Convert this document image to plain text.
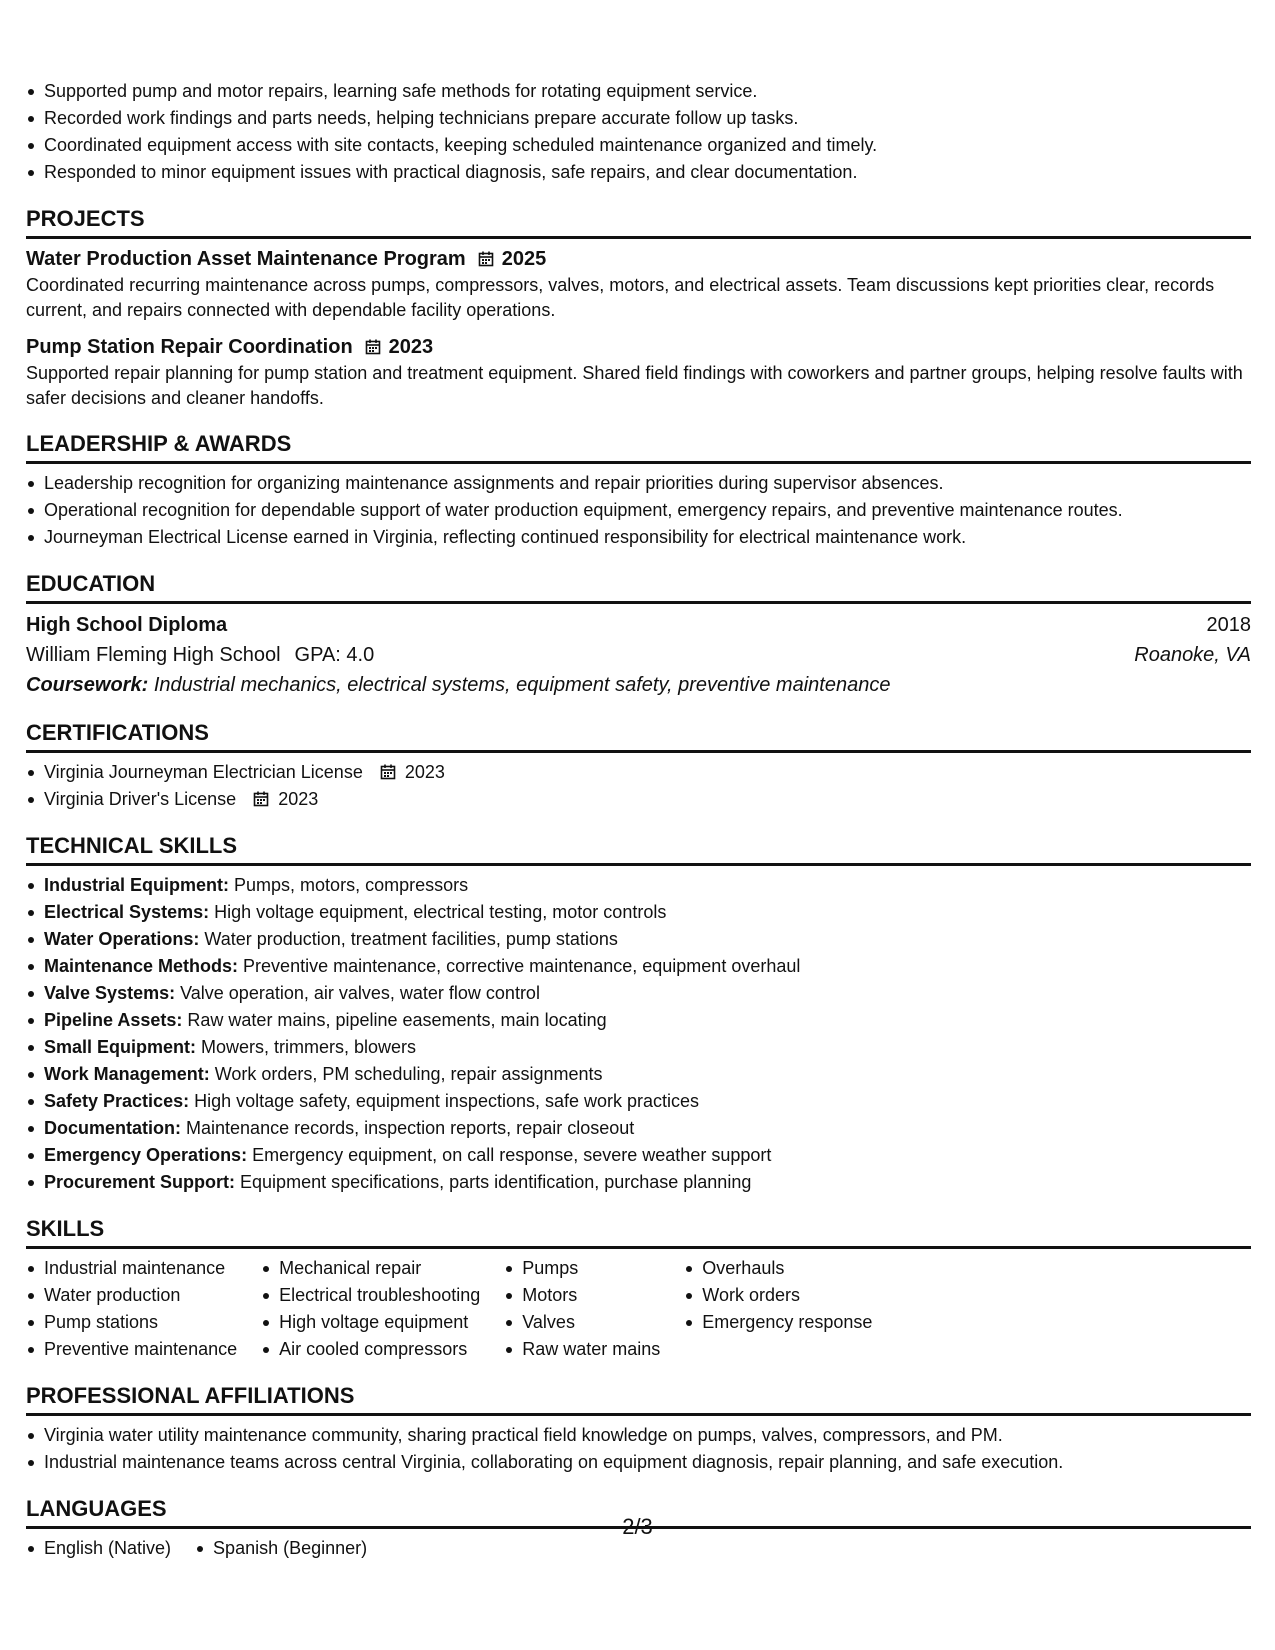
Supported pump and motor repairs, learning safe methods for rotating equipment service.
Recorded work findings and parts needs, helping technicians prepare accurate follow up tasks.
Coordinated equipment access with site contacts, keeping scheduled maintenance organized and timely.
Responded to minor equipment issues with practical diagnosis, safe repairs, and clear documentation.
PROJECTS
Water Production Asset Maintenance Program 2025
Coordinated recurring maintenance across pumps, compressors, valves, motors, and electrical assets. Team discussions kept priorities clear, records current, and repairs connected with dependable facility operations.
Pump Station Repair Coordination 2023
Supported repair planning for pump station and treatment equipment. Shared field findings with coworkers and partner groups, helping resolve faults with safer decisions and cleaner handoffs.
LEADERSHIP & AWARDS
Leadership recognition for organizing maintenance assignments and repair priorities during supervisor absences.
Operational recognition for dependable support of water production equipment, emergency repairs, and preventive maintenance routes.
Journeyman Electrical License earned in Virginia, reflecting continued responsibility for electrical maintenance work.
EDUCATION
High School Diploma	2018
William Fleming High School GPA: 4.0	Roanoke, VA
Coursework: Industrial mechanics, electrical systems, equipment safety, preventive maintenance
CERTIFICATIONS
Virginia Journeyman Electrician License 2023
Virginia Driver's License 2023
TECHNICAL SKILLS
Industrial Equipment: Pumps, motors, compressors
Electrical Systems: High voltage equipment, electrical testing, motor controls
Water Operations: Water production, treatment facilities, pump stations
Maintenance Methods: Preventive maintenance, corrective maintenance, equipment overhaul
Valve Systems: Valve operation, air valves, water flow control
Pipeline Assets: Raw water mains, pipeline easements, main locating
Small Equipment: Mowers, trimmers, blowers
Work Management: Work orders, PM scheduling, repair assignments
Safety Practices: High voltage safety, equipment inspections, safe work practices
Documentation: Maintenance records, inspection reports, repair closeout
Emergency Operations: Emergency equipment, on call response, severe weather support
Procurement Support: Equipment specifications, parts identification, purchase planning
SKILLS
Industrial maintenance
Water production
Pump stations
Preventive maintenance
Mechanical repair
Electrical troubleshooting
High voltage equipment
Air cooled compressors
Pumps
Motors
Valves
Raw water mains
Overhauls
Work orders
Emergency response
PROFESSIONAL AFFILIATIONS
Virginia water utility maintenance community, sharing practical field knowledge on pumps, valves, compressors, and PM.
Industrial maintenance teams across central Virginia, collaborating on equipment diagnosis, repair planning, and safe execution.
LANGUAGES
English (Native) Spanish (Beginner)
2/3
